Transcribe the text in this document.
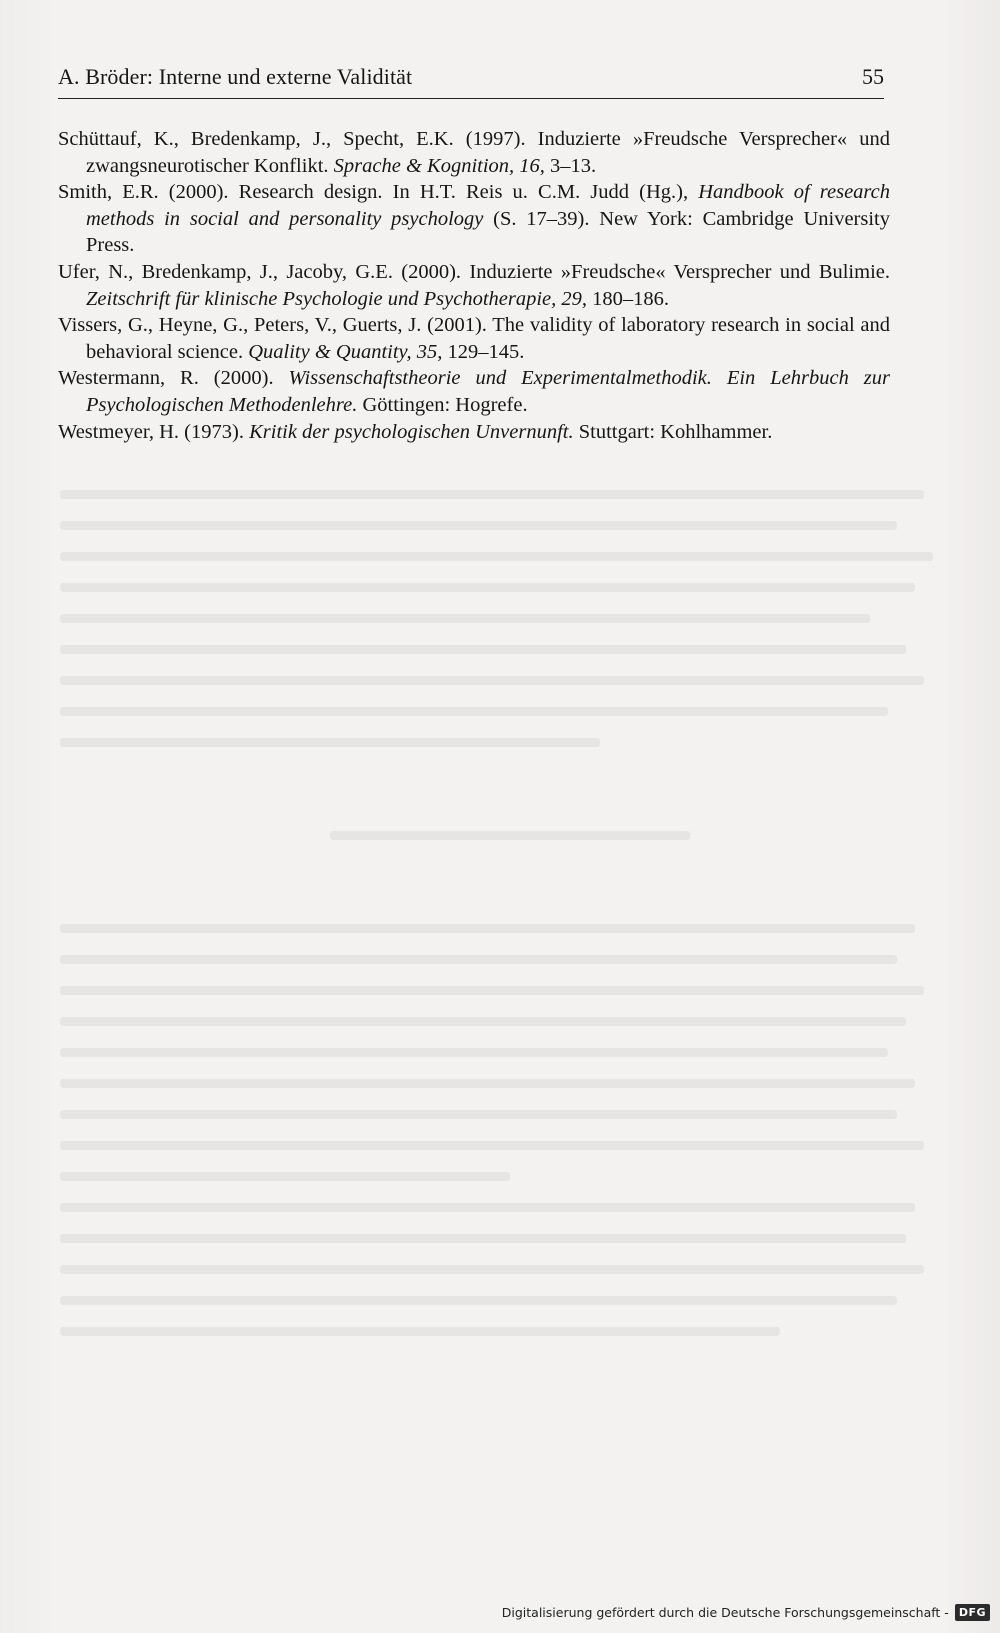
A. Bröder: Interne und externe Validität	55

Schüttauf, K., Bredenkamp, J., Specht, E.K. (1997). Induzierte »Freudsche Versprecher« und zwangsneurotischer Konflikt. Sprache & Kognition, 16, 3–13.

Smith, E.R. (2000). Research design. In H.T. Reis u. C.M. Judd (Hg.), Handbook of research methods in social and personality psychology (S. 17–39). New York: Cambridge University Press.

Ufer, N., Bredenkamp, J., Jacoby, G.E. (2000). Induzierte »Freudsche« Versprecher und Bulimie. Zeitschrift für klinische Psychologie und Psychotherapie, 29, 180–186.

Vissers, G., Heyne, G., Peters, V., Guerts, J. (2001). The validity of laboratory research in social and behavioral science. Quality & Quantity, 35, 129–145.

Westermann, R. (2000). Wissenschaftstheorie und Experimentalmethodik. Ein Lehrbuch zur Psychologischen Methodenlehre. Göttingen: Hogrefe.

Westmeyer, H. (1973). Kritik der psychologischen Unvernunft. Stuttgart: Kohlhammer.

Digitalisierung gefördert durch die Deutsche Forschungsgemeinschaft - DFG
